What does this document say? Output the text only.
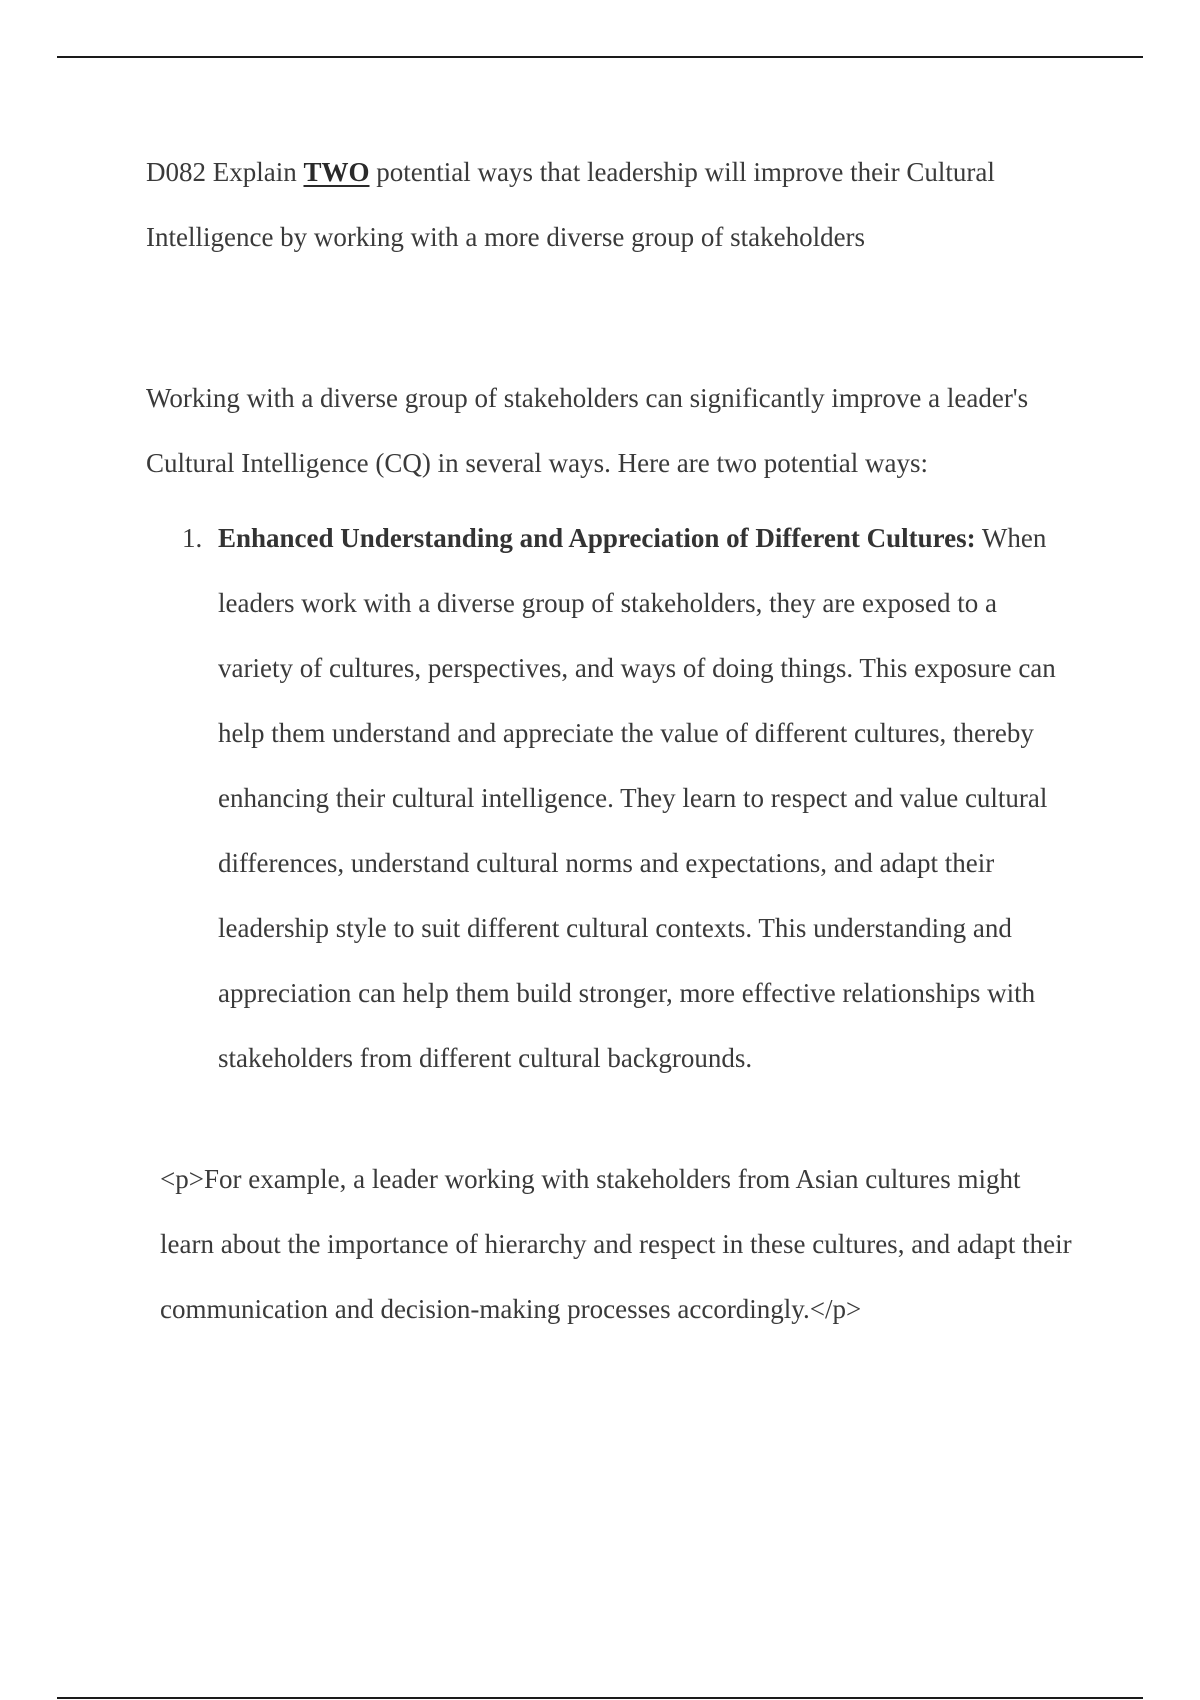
D082 Explain TWO potential ways that leadership will improve their Cultural Intelligence by working with a more diverse group of stakeholders

Working with a diverse group of stakeholders can significantly improve a leader's Cultural Intelligence (CQ) in several ways. Here are two potential ways:

1. Enhanced Understanding and Appreciation of Different Cultures: When leaders work with a diverse group of stakeholders, they are exposed to a variety of cultures, perspectives, and ways of doing things. This exposure can help them understand and appreciate the value of different cultures, thereby enhancing their cultural intelligence. They learn to respect and value cultural differences, understand cultural norms and expectations, and adapt their leadership style to suit different cultural contexts. This understanding and appreciation can help them build stronger, more effective relationships with stakeholders from different cultural backgrounds.

<p>For example, a leader working with stakeholders from Asian cultures might learn about the importance of hierarchy and respect in these cultures, and adapt their communication and decision-making processes accordingly.</p>
